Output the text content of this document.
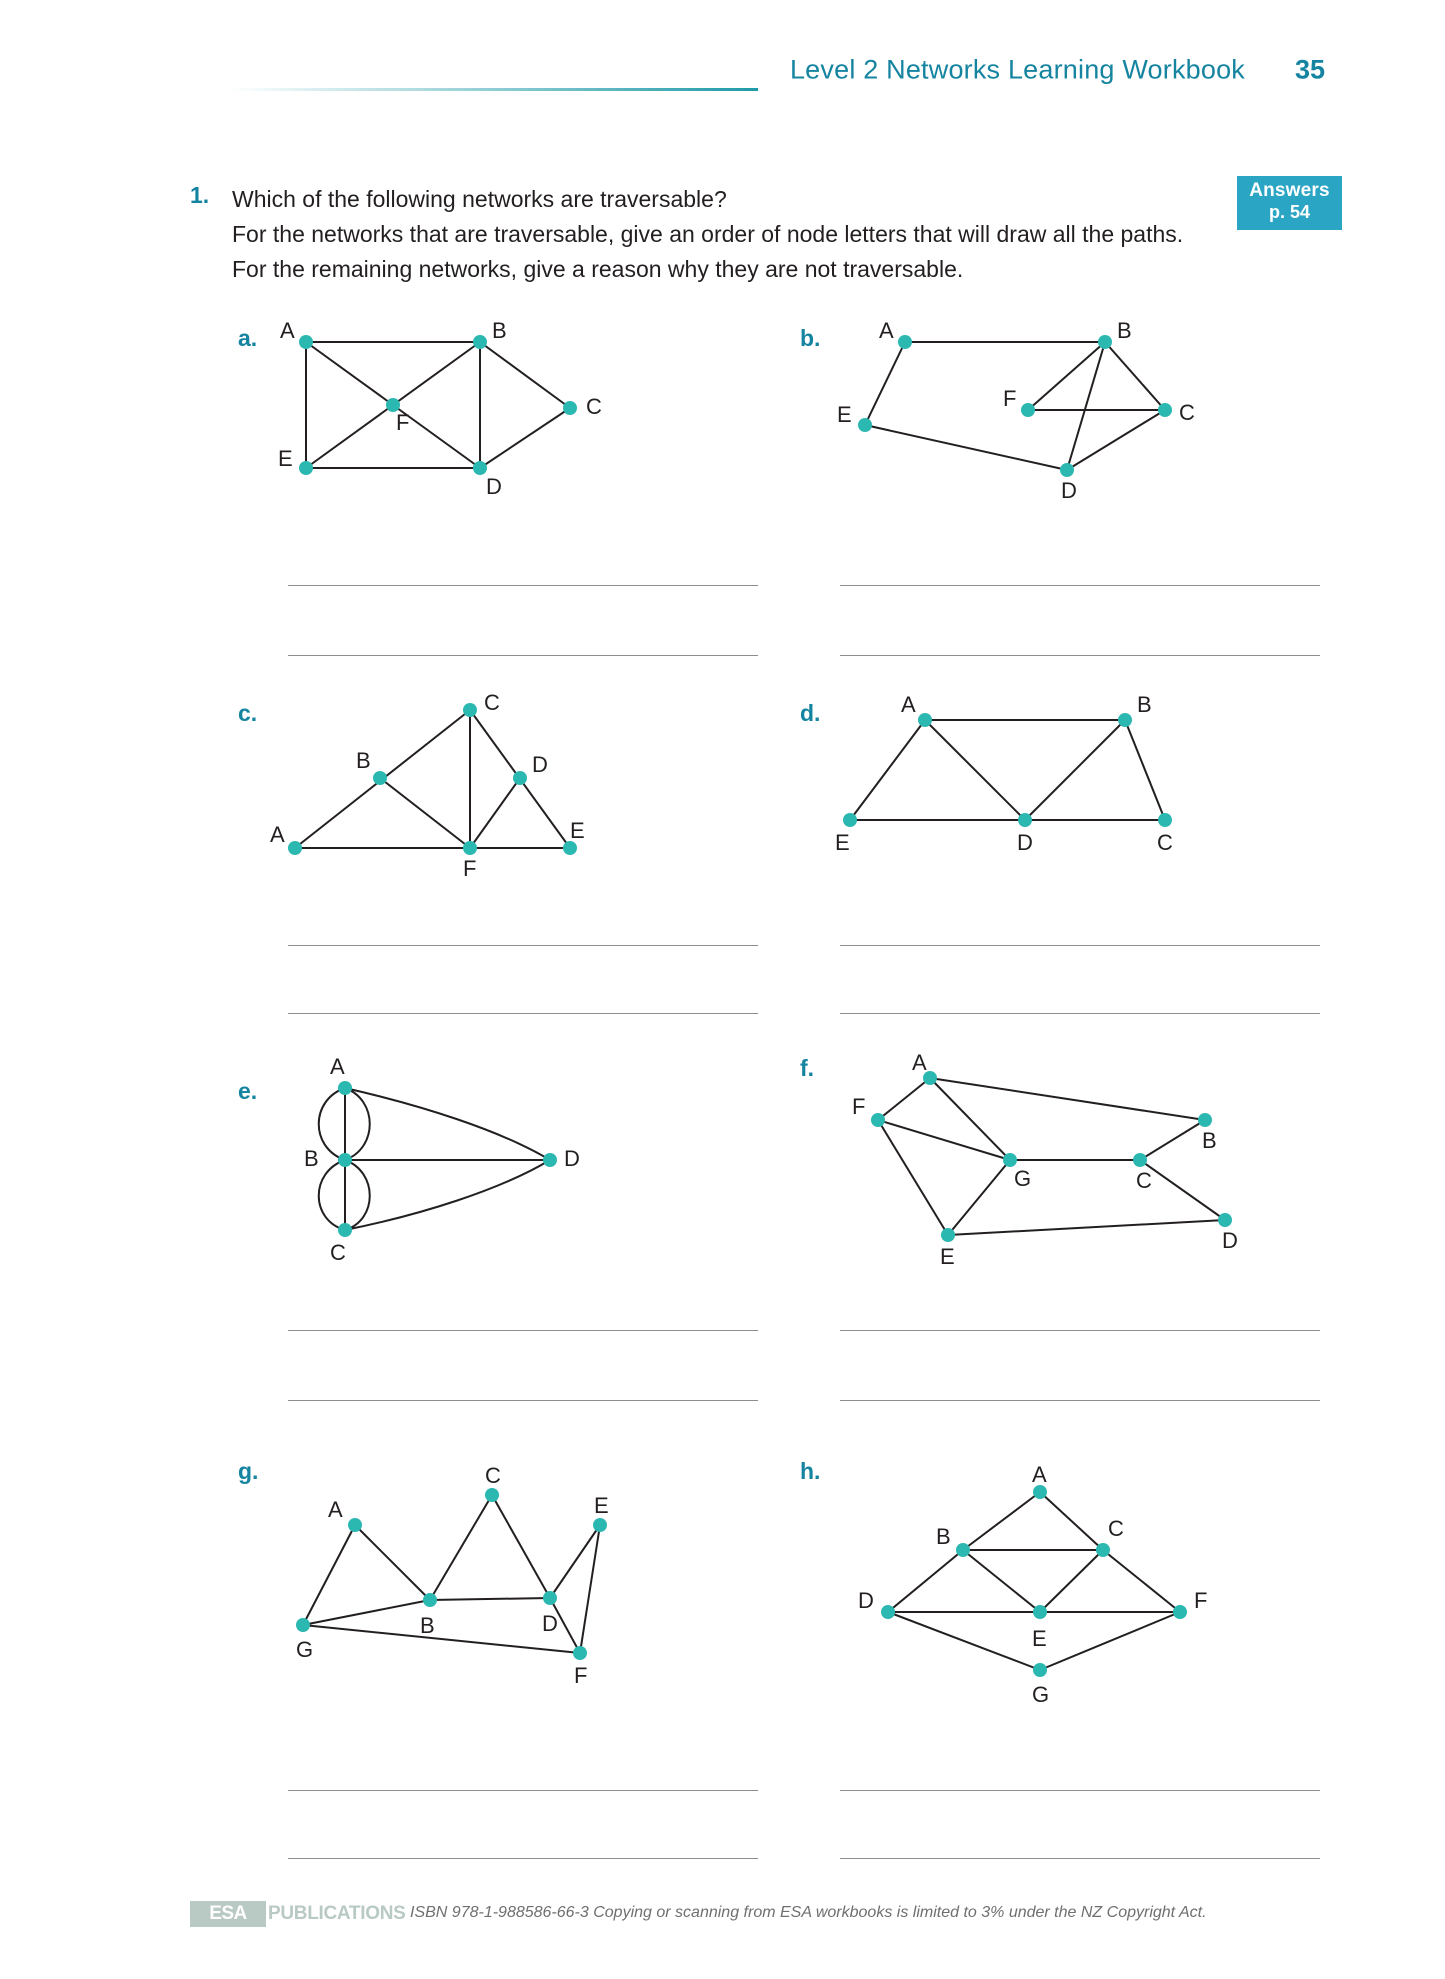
Level 2 Networks Learning Workbook 35
Answers
p. 54
1. Which of the following networks are traversable?
For the networks that are traversable, give an order of node letters that will draw all the paths.
For the remaining networks, give a reason why they are not traversable.
a.	b.
c.	d.
e.
f.
g.	h.
A	B
C
D
E
F
A	B
C
D
E
F
A
B
C
D
E
F
A	B
E	D	C
A
B
C
D
A
B
C
D
E
F
G
A
B
C
D
E
F
G
A
B	C
D
E
F
G
ESA	PUBLICATIONS ISBN 978-1-988586-66-3 Copying or scanning from ESA workbooks is limited to 3% under the NZ Copyright Act.
